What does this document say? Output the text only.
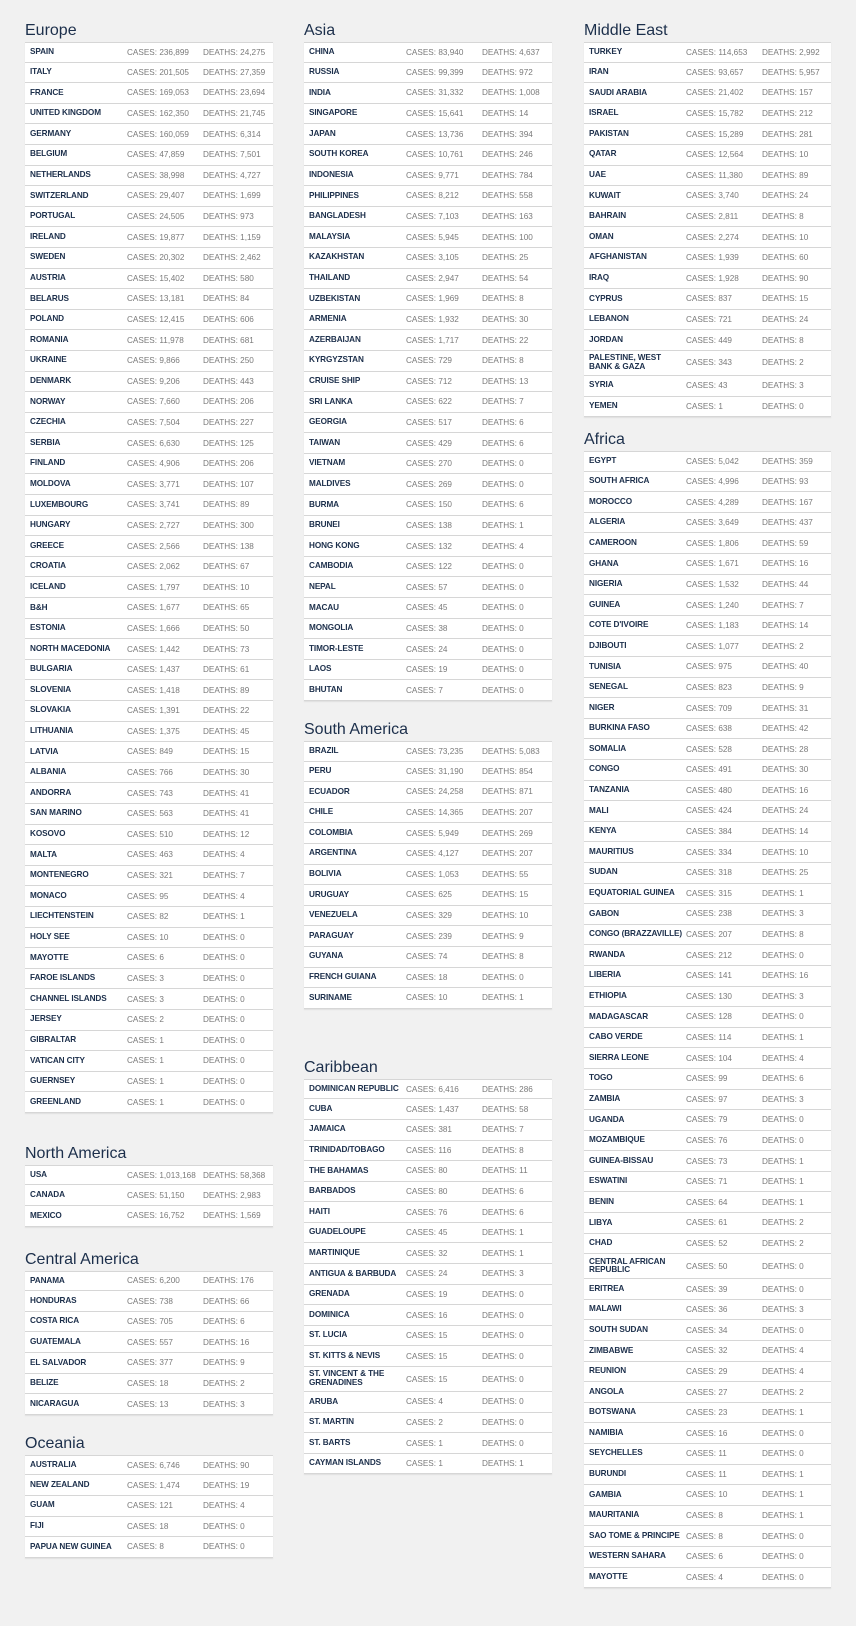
Europe
SPAIN	CASES: 236,899	DEATHS: 24,275
ITALY	CASES: 201,505	DEATHS: 27,359
FRANCE	CASES: 169,053	DEATHS: 23,694
UNITED KINGDOM	CASES: 162,350	DEATHS: 21,745
GERMANY	CASES: 160,059	DEATHS: 6,314
BELGIUM	CASES: 47,859	DEATHS: 7,501
NETHERLANDS	CASES: 38,998	DEATHS: 4,727
SWITZERLAND	CASES: 29,407	DEATHS: 1,699
PORTUGAL	CASES: 24,505	DEATHS: 973
IRELAND	CASES: 19,877	DEATHS: 1,159
SWEDEN	CASES: 20,302	DEATHS: 2,462
AUSTRIA	CASES: 15,402	DEATHS: 580
BELARUS	CASES: 13,181	DEATHS: 84
POLAND	CASES: 12,415	DEATHS: 606
ROMANIA	CASES: 11,978	DEATHS: 681
UKRAINE	CASES: 9,866	DEATHS: 250
DENMARK	CASES: 9,206	DEATHS: 443
NORWAY	CASES: 7,660	DEATHS: 206
CZECHIA	CASES: 7,504	DEATHS: 227
SERBIA	CASES: 6,630	DEATHS: 125
FINLAND	CASES: 4,906	DEATHS: 206
MOLDOVA	CASES: 3,771	DEATHS: 107
LUXEMBOURG	CASES: 3,741	DEATHS: 89
HUNGARY	CASES: 2,727	DEATHS: 300
GREECE	CASES: 2,566	DEATHS: 138
CROATIA	CASES: 2,062	DEATHS: 67
ICELAND	CASES: 1,797	DEATHS: 10
B&H	CASES: 1,677	DEATHS: 65
ESTONIA	CASES: 1,666	DEATHS: 50
NORTH MACEDONIA	CASES: 1,442	DEATHS: 73
BULGARIA	CASES: 1,437	DEATHS: 61
SLOVENIA	CASES: 1,418	DEATHS: 89
SLOVAKIA	CASES: 1,391	DEATHS: 22
LITHUANIA	CASES: 1,375	DEATHS: 45
LATVIA	CASES: 849	DEATHS: 15
ALBANIA	CASES: 766	DEATHS: 30
ANDORRA	CASES: 743	DEATHS: 41
SAN MARINO	CASES: 563	DEATHS: 41
KOSOVO	CASES: 510	DEATHS: 12
MALTA	CASES: 463	DEATHS: 4
MONTENEGRO	CASES: 321	DEATHS: 7
MONACO	CASES: 95	DEATHS: 4
LIECHTENSTEIN	CASES: 82	DEATHS: 1
HOLY SEE	CASES: 10	DEATHS: 0
MAYOTTE	CASES: 6	DEATHS: 0
FAROE ISLANDS	CASES: 3	DEATHS: 0
CHANNEL ISLANDS	CASES: 3	DEATHS: 0
JERSEY	CASES: 2	DEATHS: 0
GIBRALTAR	CASES: 1	DEATHS: 0
VATICAN CITY	CASES: 1	DEATHS: 0
GUERNSEY	CASES: 1	DEATHS: 0
GREENLAND	CASES: 1	DEATHS: 0
North America
USA	CASES: 1,013,168 DEATHS: 58,368
CANADA	CASES: 51,150	DEATHS: 2,983
MEXICO	CASES: 16,752	DEATHS: 1,569
Central America
PANAMA	CASES: 6,200	DEATHS: 176
HONDURAS	CASES: 738	DEATHS: 66
COSTA RICA	CASES: 705	DEATHS: 6
GUATEMALA	CASES: 557	DEATHS: 16
EL SALVADOR	CASES: 377	DEATHS: 9
BELIZE	CASES: 18	DEATHS: 2
NICARAGUA	CASES: 13	DEATHS: 3
Oceania
AUSTRALIA	CASES: 6,746	DEATHS: 90
NEW ZEALAND	CASES: 1,474	DEATHS: 19
GUAM	CASES: 121	DEATHS: 4
FIJI	CASES: 18	DEATHS: 0
PAPUA NEW GUINEA	CASES: 8	DEATHS: 0
Asia
CHINA	CASES: 83,940	DEATHS: 4,637
RUSSIA	CASES: 99,399	DEATHS: 972
INDIA	CASES: 31,332	DEATHS: 1,008
SINGAPORE	CASES: 15,641	DEATHS: 14
JAPAN	CASES: 13,736	DEATHS: 394
SOUTH KOREA	CASES: 10,761	DEATHS: 246
INDONESIA	CASES: 9,771	DEATHS: 784
PHILIPPINES	CASES: 8,212	DEATHS: 558
BANGLADESH	CASES: 7,103	DEATHS: 163
MALAYSIA	CASES: 5,945	DEATHS: 100
KAZAKHSTAN	CASES: 3,105	DEATHS: 25
THAILAND	CASES: 2,947	DEATHS: 54
UZBEKISTAN	CASES: 1,969	DEATHS: 8
ARMENIA	CASES: 1,932	DEATHS: 30
AZERBAIJAN	CASES: 1,717	DEATHS: 22
KYRGYZSTAN	CASES: 729	DEATHS: 8
CRUISE SHIP	CASES: 712	DEATHS: 13
SRI LANKA	CASES: 622	DEATHS: 7
GEORGIA	CASES: 517	DEATHS: 6
TAIWAN	CASES: 429	DEATHS: 6
VIETNAM	CASES: 270	DEATHS: 0
MALDIVES	CASES: 269	DEATHS: 0
BURMA	CASES: 150	DEATHS: 6
BRUNEI	CASES: 138	DEATHS: 1
HONG KONG	CASES: 132	DEATHS: 4
CAMBODIA	CASES: 122	DEATHS: 0
NEPAL	CASES: 57	DEATHS: 0
MACAU	CASES: 45	DEATHS: 0
MONGOLIA	CASES: 38	DEATHS: 0
TIMOR-LESTE	CASES: 24	DEATHS: 0
LAOS	CASES: 19	DEATHS: 0
BHUTAN	CASES: 7	DEATHS: 0
South America
BRAZIL	CASES: 73,235	DEATHS: 5,083
PERU	CASES: 31,190	DEATHS: 854
ECUADOR	CASES: 24,258	DEATHS: 871
CHILE	CASES: 14,365	DEATHS: 207
COLOMBIA	CASES: 5,949	DEATHS: 269
ARGENTINA	CASES: 4,127	DEATHS: 207
BOLIVIA	CASES: 1,053	DEATHS: 55
URUGUAY	CASES: 625	DEATHS: 15
VENEZUELA	CASES: 329	DEATHS: 10
PARAGUAY	CASES: 239	DEATHS: 9
GUYANA	CASES: 74	DEATHS: 8
FRENCH GUIANA	CASES: 18	DEATHS: 0
SURINAME	CASES: 10	DEATHS: 1
Caribbean
DOMINICAN REPUBLIC CASES: 6,416	DEATHS: 286
CUBA	CASES: 1,437	DEATHS: 58
JAMAICA	CASES: 381	DEATHS: 7
TRINIDAD/TOBAGO	CASES: 116	DEATHS: 8
THE BAHAMAS	CASES: 80	DEATHS: 11
BARBADOS	CASES: 80	DEATHS: 6
HAITI	CASES: 76	DEATHS: 6
GUADELOUPE	CASES: 45	DEATHS: 1
MARTINIQUE	CASES: 32	DEATHS: 1
ANTIGUA & BARBUDA	CASES: 24	DEATHS: 3
GRENADA	CASES: 19	DEATHS: 0
DOMINICA	CASES: 16	DEATHS: 0
ST. LUCIA	CASES: 15	DEATHS: 0
ST. KITTS & NEVIS	CASES: 15	DEATHS: 0
ST. VINCENT & THE GRENADINES	CASES: 15	DEATHS: 0
ARUBA	CASES: 4	DEATHS: 0
ST. MARTIN	CASES: 2	DEATHS: 0
ST. BARTS	CASES: 1	DEATHS: 0
CAYMAN ISLANDS	CASES: 1	DEATHS: 1
Middle East
TURKEY	CASES: 114,653	DEATHS: 2,992
IRAN	CASES: 93,657	DEATHS: 5,957
SAUDI ARABIA	CASES: 21,402	DEATHS: 157
ISRAEL	CASES: 15,782	DEATHS: 212
PAKISTAN	CASES: 15,289	DEATHS: 281
QATAR	CASES: 12,564	DEATHS: 10
UAE	CASES: 11,380	DEATHS: 89
KUWAIT	CASES: 3,740	DEATHS: 24
BAHRAIN	CASES: 2,811	DEATHS: 8
OMAN	CASES: 2,274	DEATHS: 10
AFGHANISTAN	CASES: 1,939	DEATHS: 60
IRAQ	CASES: 1,928	DEATHS: 90
CYPRUS	CASES: 837	DEATHS: 15
LEBANON	CASES: 721	DEATHS: 24
JORDAN	CASES: 449	DEATHS: 8
PALESTINE, WEST BANK & GAZA	CASES: 343	DEATHS: 2
SYRIA	CASES: 43	DEATHS: 3
YEMEN	CASES: 1	DEATHS: 0
Africa
EGYPT	CASES: 5,042	DEATHS: 359
SOUTH AFRICA	CASES: 4,996	DEATHS: 93
MOROCCO	CASES: 4,289	DEATHS: 167
ALGERIA	CASES: 3,649	DEATHS: 437
CAMEROON	CASES: 1,806	DEATHS: 59
GHANA	CASES: 1,671	DEATHS: 16
NIGERIA	CASES: 1,532	DEATHS: 44
GUINEA	CASES: 1,240	DEATHS: 7
COTE D'IVOIRE	CASES: 1,183	DEATHS: 14
DJIBOUTI	CASES: 1,077	DEATHS: 2
TUNISIA	CASES: 975	DEATHS: 40
SENEGAL	CASES: 823	DEATHS: 9
NIGER	CASES: 709	DEATHS: 31
BURKINA FASO	CASES: 638	DEATHS: 42
SOMALIA	CASES: 528	DEATHS: 28
CONGO	CASES: 491	DEATHS: 30
TANZANIA	CASES: 480	DEATHS: 16
MALI	CASES: 424	DEATHS: 24
KENYA	CASES: 384	DEATHS: 14
MAURITIUS	CASES: 334	DEATHS: 10
SUDAN	CASES: 318	DEATHS: 25
EQUATORIAL GUINEA	CASES: 315	DEATHS: 1
GABON	CASES: 238	DEATHS: 3
CONGO (BRAZZAVILLE) CASES: 207	DEATHS: 8
RWANDA	CASES: 212	DEATHS: 0
LIBERIA	CASES: 141	DEATHS: 16
ETHIOPIA	CASES: 130	DEATHS: 3
MADAGASCAR	CASES: 128	DEATHS: 0
CABO VERDE	CASES: 114	DEATHS: 1
SIERRA LEONE	CASES: 104	DEATHS: 4
TOGO	CASES: 99	DEATHS: 6
ZAMBIA	CASES: 97	DEATHS: 3
UGANDA	CASES: 79	DEATHS: 0
MOZAMBIQUE	CASES: 76	DEATHS: 0
GUINEA-BISSAU	CASES: 73	DEATHS: 1
ESWATINI	CASES: 71	DEATHS: 1
BENIN	CASES: 64	DEATHS: 1
LIBYA	CASES: 61	DEATHS: 2
CHAD	CASES: 52	DEATHS: 2
CENTRAL AFRICAN REPUBLIC	CASES: 50	DEATHS: 0
ERITREA	CASES: 39	DEATHS: 0
MALAWI	CASES: 36	DEATHS: 3
SOUTH SUDAN	CASES: 34	DEATHS: 0
ZIMBABWE	CASES: 32	DEATHS: 4
REUNION	CASES: 29	DEATHS: 4
ANGOLA	CASES: 27	DEATHS: 2
BOTSWANA	CASES: 23	DEATHS: 1
NAMIBIA	CASES: 16	DEATHS: 0
SEYCHELLES	CASES: 11	DEATHS: 0
BURUNDI	CASES: 11	DEATHS: 1
GAMBIA	CASES: 10	DEATHS: 1
MAURITANIA	CASES: 8	DEATHS: 1
SAO TOME & PRINCIPE CASES: 8	DEATHS: 0
WESTERN SAHARA	CASES: 6	DEATHS: 0
MAYOTTE	CASES: 4	DEATHS: 0
